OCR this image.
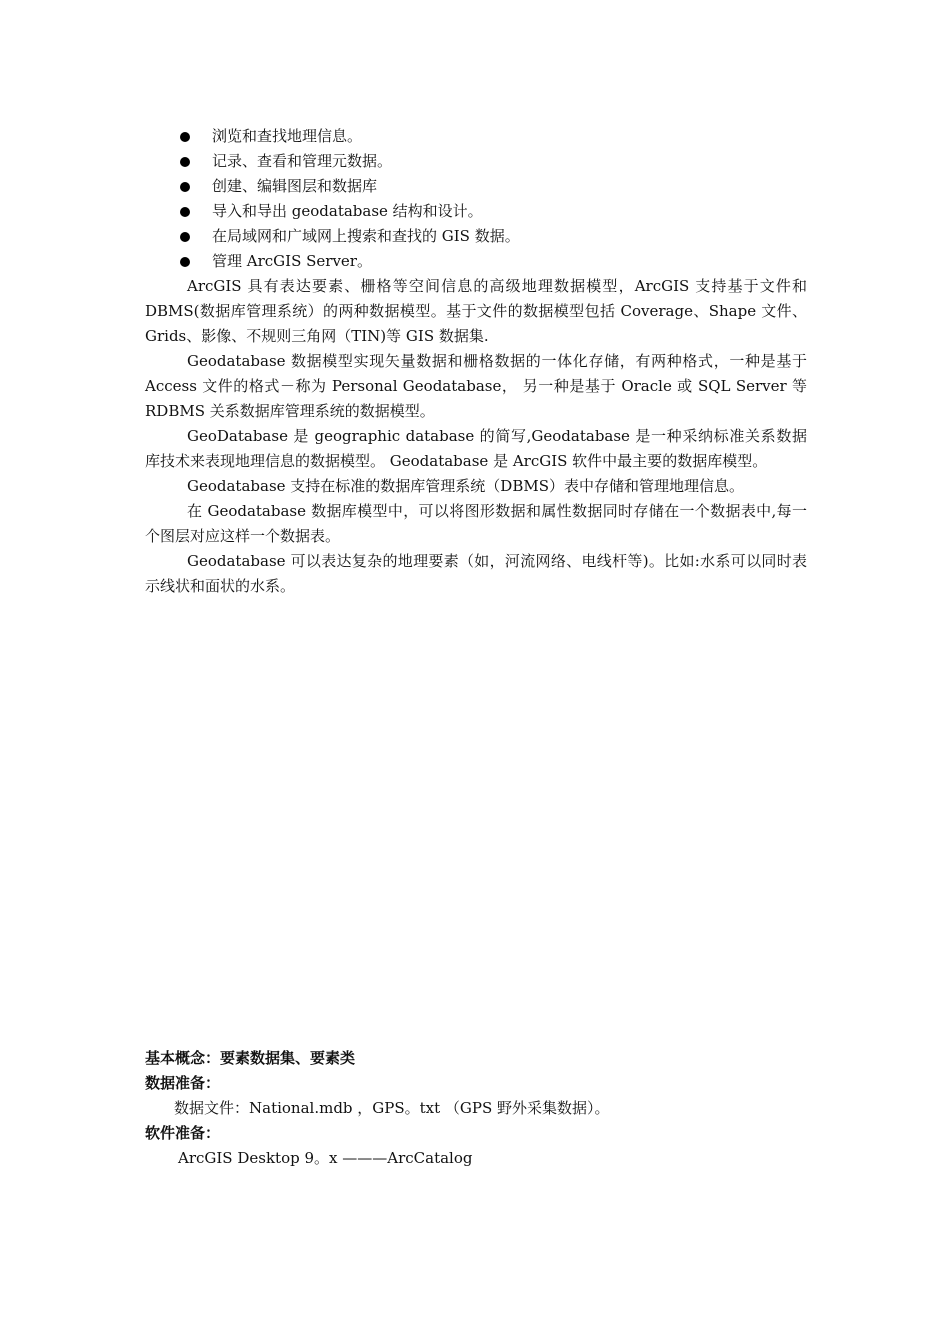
浏览和查找地理信息。
记录、查看和管理元数据。
创建、编辑图层和数据库
导入和导出 geodatabase 结构和设计。
在局域网和广域网上搜索和查找的 GIS 数据。
管理 ArcGIS Server。

ArcGIS 具有表达要素、栅格等空间信息的高级地理数据模型，ArcGIS 支持基于文件和 DBMS(数据库管理系统）的两种数据模型。基于文件的数据模型包括 Coverage、Shape 文件、Grids、影像、不规则三角网（TIN)等 GIS 数据集.

Geodatabase 数据模型实现矢量数据和栅格数据的一体化存储，有两种格式，一种是基于 Access 文件的格式－称为 Personal Geodatabase， 另一种是基于 Oracle 或 SQL Server 等 RDBMS 关系数据库管理系统的数据模型。

GeoDatabase 是 geographic database 的简写,Geodatabase 是一种采纳标准关系数据库技术来表现地理信息的数据模型。 Geodatabase 是 ArcGIS 软件中最主要的数据库模型。

Geodatabase 支持在标准的数据库管理系统（DBMS）表中存储和管理地理信息。

在 Geodatabase 数据库模型中，可以将图形数据和属性数据同时存储在一个数据表中,每一个图层对应这样一个数据表。

Geodatabase 可以表达复杂的地理要素（如，河流网络、电线杆等)。比如:水系可以同时表示线状和面状的水系。

基本概念：要素数据集、要素类

数据准备：

数据文件：National.mdb ，GPS。txt （GPS 野外采集数据）。

软件准备：

ArcGIS Desktop 9。x ———ArcCatalog
